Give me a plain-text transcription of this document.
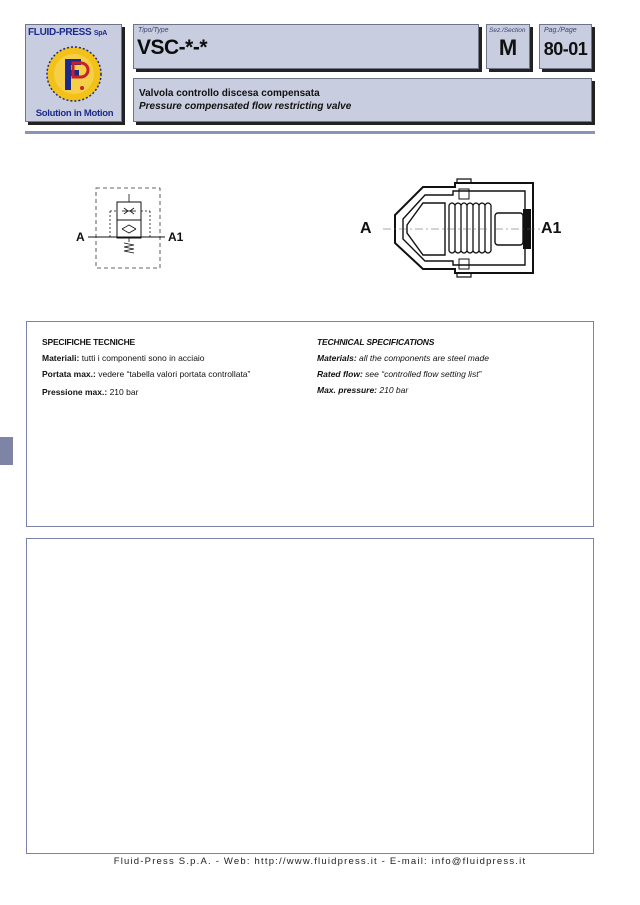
FLUID-PRESS SpA
Solution in Motion
Tipo/Type
VSC-*-*
Sez./Section
M
Pag./Page
80-01
Valvola controllo discesa compensata
Pressure compensated flow restricting valve
A	A1	A	A1
SPECIFICHE TECNICHE
Materiali: tutti i componenti sono in acciaio
Portata max.: vedere “tabella valori portata controllata”
Pressione max.: 210 bar
TECHNICAL SPECIFICATIONS
Materials: all the components are steel made
Rated flow: see “controlled flow setting list”
Max. pressure: 210 bar
Fluid-Press S.p.A. - Web: http://www.fluidpress.it - E-mail: info@fluidpress.it
